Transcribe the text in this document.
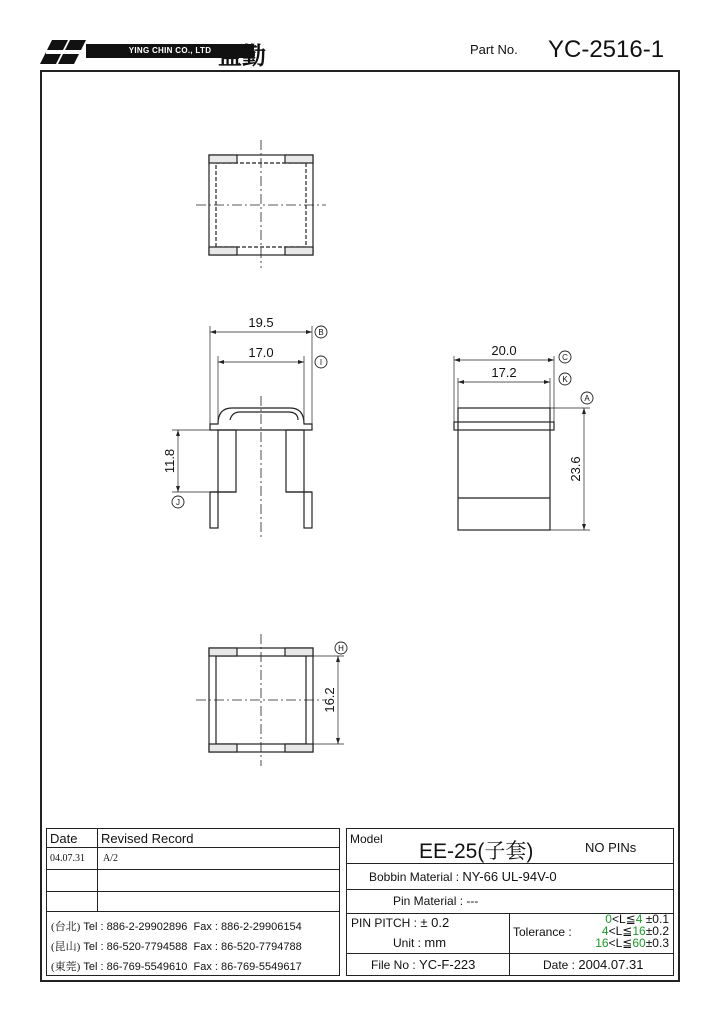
YING CHIN CO., LTD 盈勤	Part No. YC-2516-1
19.5
17.0	20.0
17.2
11.8	23.6
16.2
B
I
C
K
A
J
H
Date Revised Record
04.07.31 A/2
(台北) Tel : 886-2-29902896 Fax : 886-2-29906154
(昆山) Tel : 86-520-7794588 Fax : 86-520-7794788
(東莞) Tel : 86-769-5549610 Fax : 86-769-5549617
Model
EE-25(子套)	NO PINs
Bobbin Material : NY-66 UL-94V-0
Pin Material : ---
PIN PITCH : ± 0.2
Unit : mm
Tolerance :
0<L≦4 ±0.1
4<L≦16±0.2
16<L≦60±0.3
File No : YC-F-223	Date : 2004.07.31
